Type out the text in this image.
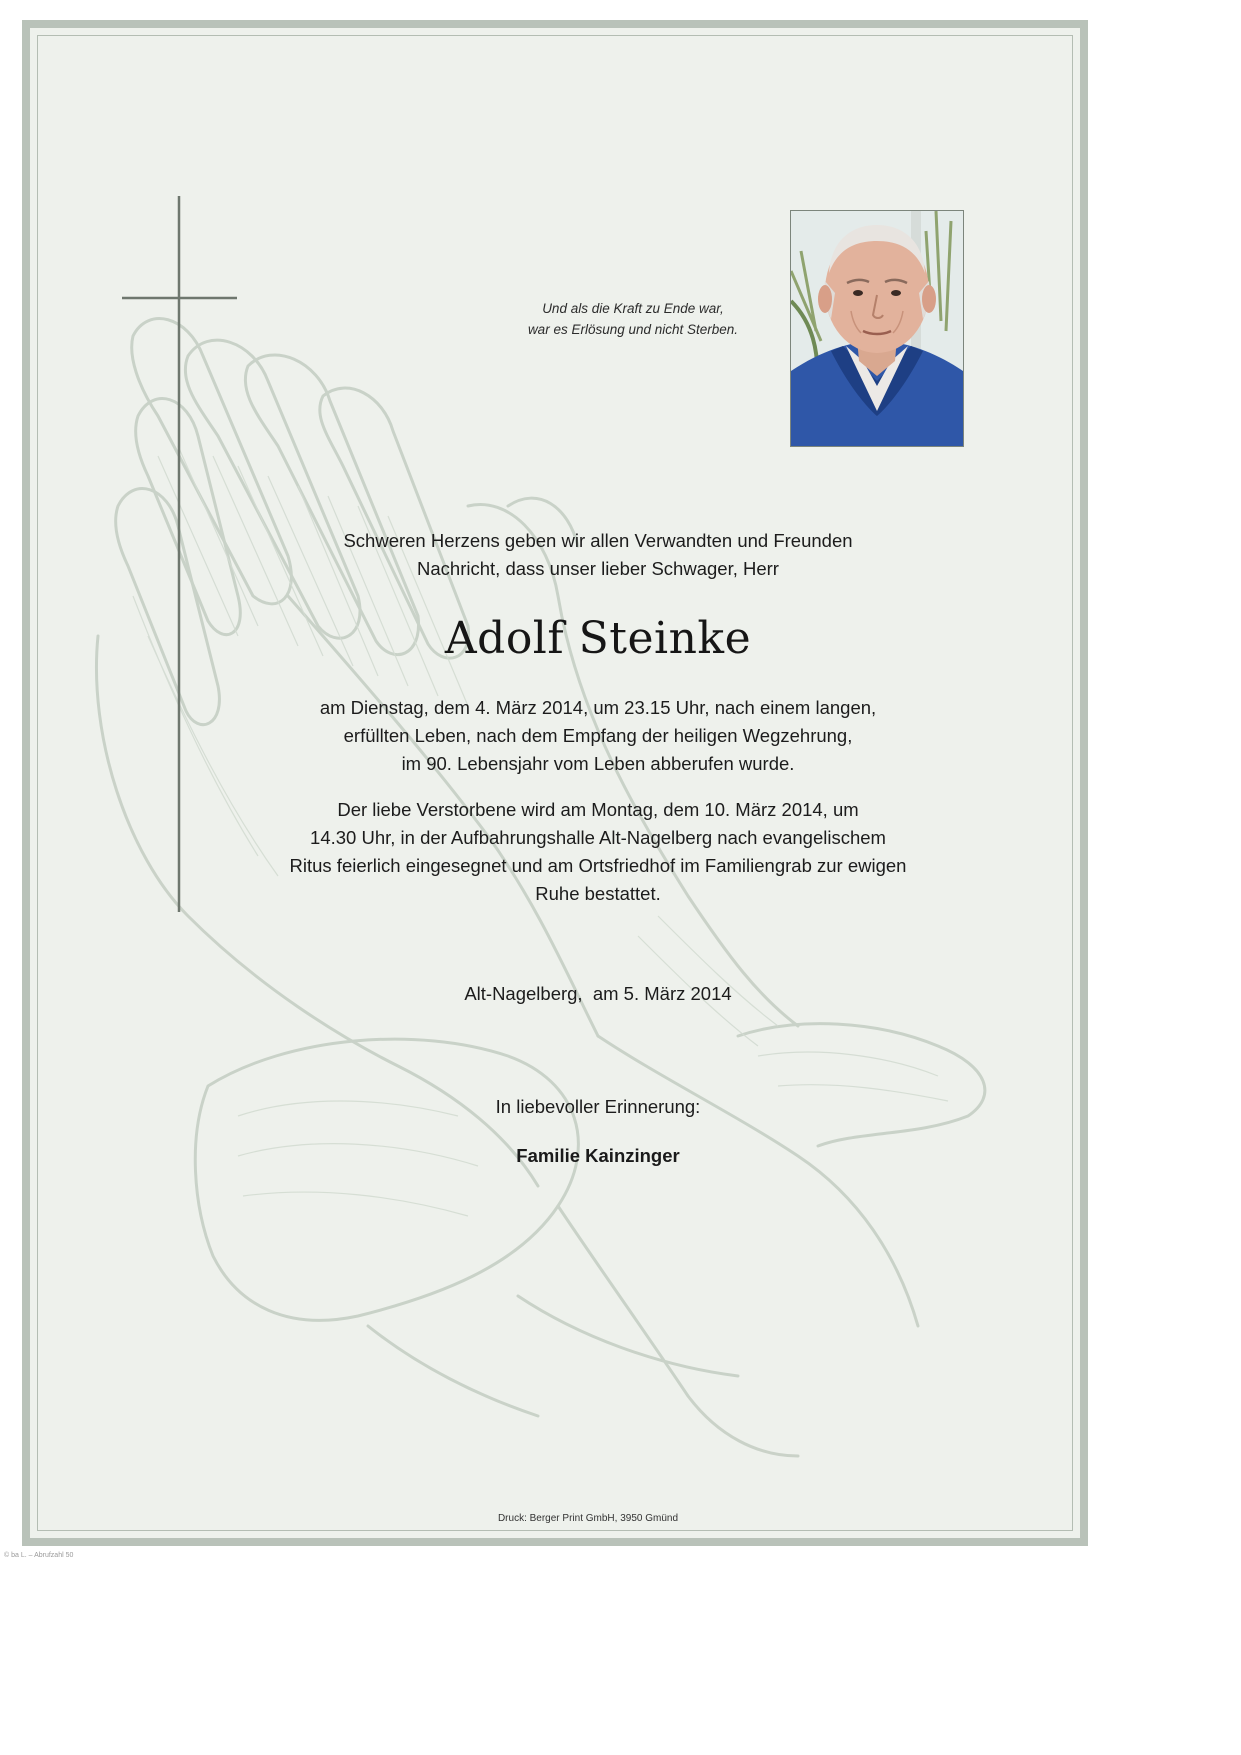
Und als die Kraft zu Ende war,
war es Erlösung und nicht Sterben.
Schweren Herzens geben wir allen Verwandten und Freunden
Nachricht, dass unser lieber Schwager, Herr
Adolf Steinke
am Dienstag, dem 4. März 2014, um 23.15 Uhr, nach einem langen,
erfüllten Leben, nach dem Empfang der heiligen Wegzehrung,
im 90. Lebensjahr vom Leben abberufen wurde.
Der liebe Verstorbene wird am Montag, dem 10. März 2014, um
14.30 Uhr, in der Aufbahrungshalle Alt-Nagelberg nach evangelischem
Ritus feierlich eingesegnet und am Ortsfriedhof im Familiengrab zur ewigen
Ruhe bestattet.
Alt-Nagelberg,  am 5. März 2014
In liebevoller Erinnerung:
Familie Kainzinger
Druck: Berger Print GmbH, 3950 Gmünd
© ba L. – Abrufzahl 50
